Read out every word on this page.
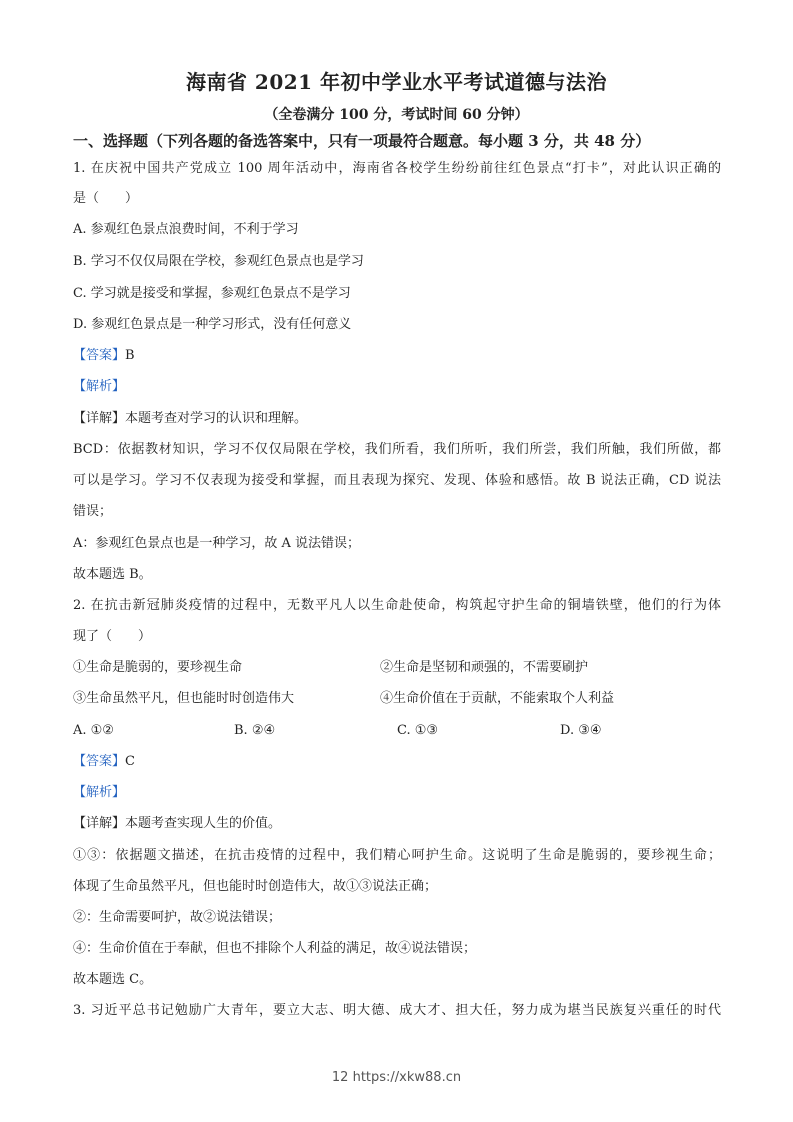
海南省 2021 年初中学业水平考试道德与法治
（全卷满分 100 分，考试时间 60 分钟）
一、选择题（下列各题的备选答案中，只有一项最符合题意。每小题 3 分，共 48 分）
1. 在庆祝中国共产党成立 100 周年活动中，海南省各校学生纷纷前往红色景点“打卡”，对此认识正确的
是（　　）
A. 参观红色景点浪费时间，不利于学习
B. 学习不仅仅局限在学校，参观红色景点也是学习
C. 学习就是接受和掌握，参观红色景点不是学习
D. 参观红色景点是一种学习形式，没有任何意义
【答案】B
【解析】
【详解】本题考查对学习的认识和理解。
BCD：依据教材知识，学习不仅仅局限在学校，我们所看，我们所听，我们所尝，我们所触，我们所做，都
可以是学习。学习不仅表现为接受和掌握，而且表现为探究、发现、体验和感悟。故 B 说法正确，CD 说法
错误；
A：参观红色景点也是一种学习，故 A 说法错误；
故本题选 B。
2. 在抗击新冠肺炎疫情的过程中，无数平凡人以生命赴使命，构筑起守护生命的铜墙铁壁，他们的行为体
现了（　　）
①生命是脆弱的，要珍视生命	②生命是坚韧和顽强的，不需要刷护
③生命虽然平凡，但也能时时创造伟大	④生命价值在于贡献，不能索取个人利益
A. ①②	B. ②④	C. ①③	D. ③④
【答案】C
【解析】
【详解】本题考查实现人生的价值。
①③：依据题文描述，在抗击疫情的过程中，我们精心呵护生命。这说明了生命是脆弱的，要珍视生命；
体现了生命虽然平凡，但也能时时创造伟大，故①③说法正确；
②：生命需要呵护，故②说法错误；
④：生命价值在于奉献，但也不排除个人利益的满足，故④说法错误；
故本题选 C。
3. 习近平总书记勉励广大青年，要立大志、明大德、成大才、担大任，努力成为堪当民族复兴重任的时代
12 https://xkw88.cn
